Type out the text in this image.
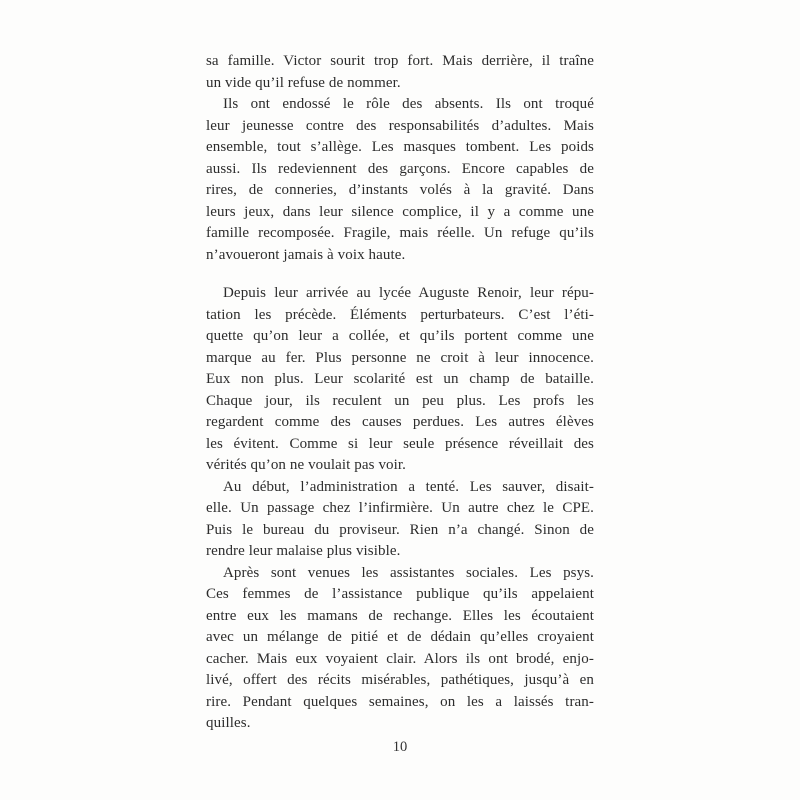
sa famille. Victor sourit trop fort. Mais derrière, il traîne
un vide qu’il refuse de nommer.
Ils ont endossé le rôle des absents. Ils ont troqué
leur jeunesse contre des responsabilités d’adultes. Mais
ensemble, tout s’allège. Les masques tombent. Les poids
aussi. Ils redeviennent des garçons. Encore capables de
rires, de conneries, d’instants volés à la gravité. Dans
leurs jeux, dans leur silence complice, il y a comme une
famille recomposée. Fragile, mais réelle. Un refuge qu’ils
n’avoueront jamais à voix haute.
Depuis leur arrivée au lycée Auguste Renoir, leur répu-
tation les précède. Éléments perturbateurs. C’est l’éti-
quette qu’on leur a collée, et qu’ils portent comme une
marque au fer. Plus personne ne croit à leur innocence.
Eux non plus. Leur scolarité est un champ de bataille.
Chaque jour, ils reculent un peu plus. Les profs les
regardent comme des causes perdues. Les autres élèves
les évitent. Comme si leur seule présence réveillait des
vérités qu’on ne voulait pas voir.
Au début, l’administration a tenté. Les sauver, disait-
elle. Un passage chez l’infirmière. Un autre chez le CPE.
Puis le bureau du proviseur. Rien n’a changé. Sinon de
rendre leur malaise plus visible.
Après sont venues les assistantes sociales. Les psys.
Ces femmes de l’assistance publique qu’ils appelaient
entre eux les mamans de rechange. Elles les écoutaient
avec un mélange de pitié et de dédain qu’elles croyaient
cacher. Mais eux voyaient clair. Alors ils ont brodé, enjo-
livé, offert des récits misérables, pathétiques, jusqu’à en
rire. Pendant quelques semaines, on les a laissés tran-
quilles.
10
